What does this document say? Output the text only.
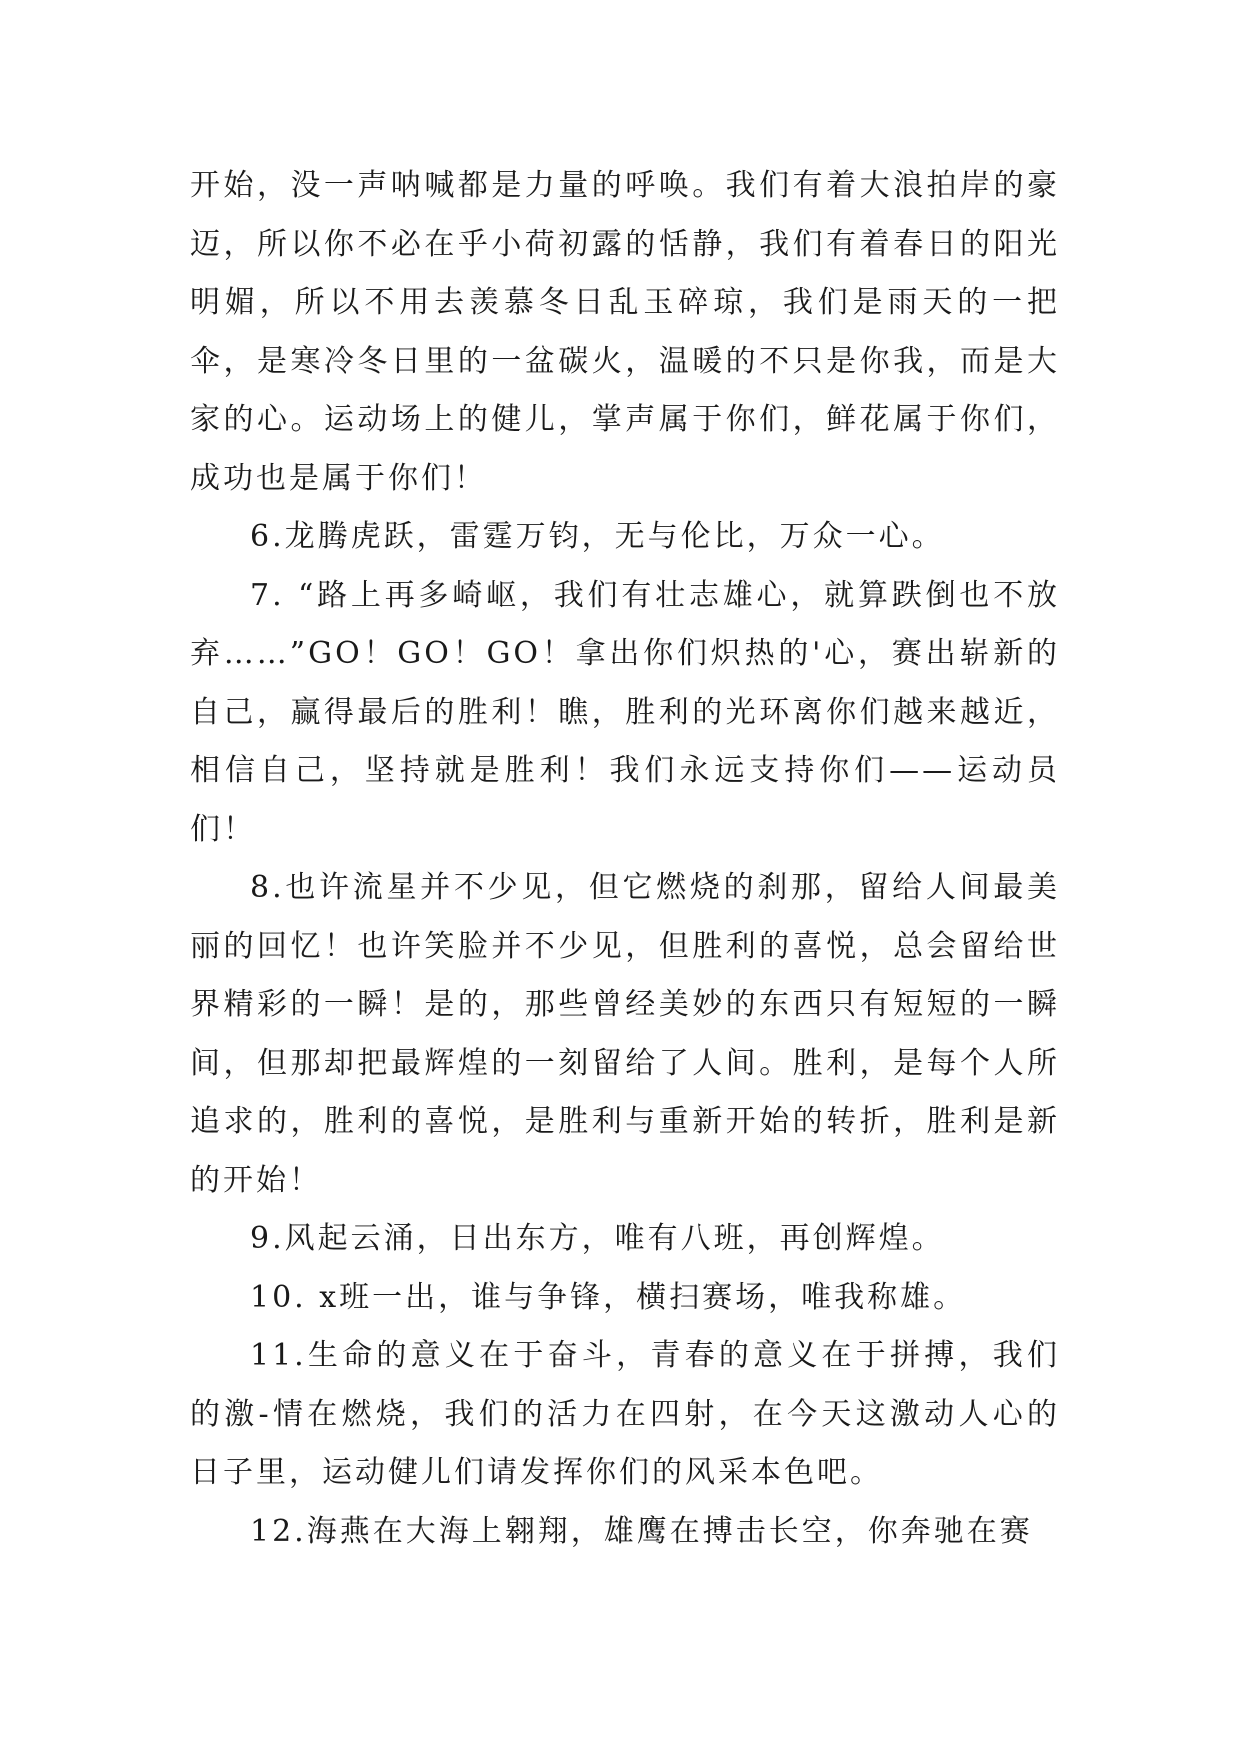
开始，没一声呐喊都是力量的呼唤。我们有着大浪拍岸的豪迈，所以你不必在乎小荷初露的恬静，我们有着春日的阳光明媚，所以不用去羡慕冬日乱玉碎琼，我们是雨天的一把伞，是寒冷冬日里的一盆碳火，温暖的不只是你我，而是大家的心。运动场上的健儿，掌声属于你们，鲜花属于你们，成功也是属于你们！

6.龙腾虎跃，雷霆万钧，无与伦比，万众一心。

7. “路上再多崎岖，我们有壮志雄心，就算跌倒也不放弃……”GO！GO！GO！拿出你们炽热的'心，赛出崭新的自己，赢得最后的胜利！瞧，胜利的光环离你们越来越近，相信自己，坚持就是胜利！我们永远支持你们——运动员们！

8.也许流星并不少见，但它燃烧的刹那，留给人间最美丽的回忆！也许笑脸并不少见，但胜利的喜悦，总会留给世界精彩的一瞬！是的，那些曾经美妙的东西只有短短的一瞬间，但那却把最辉煌的一刻留给了人间。胜利，是每个人所追求的，胜利的喜悦，是胜利与重新开始的转折，胜利是新的开始！

9.风起云涌，日出东方，唯有八班，再创辉煌。

10. x班一出，谁与争锋，横扫赛场，唯我称雄。

11.生命的意义在于奋斗，青春的意义在于拼搏，我们的激-情在燃烧，我们的活力在四射，在今天这激动人心的日子里，运动健儿们请发挥你们的风采本色吧。

12.海燕在大海上翱翔，雄鹰在搏击长空，你奔驰在赛
